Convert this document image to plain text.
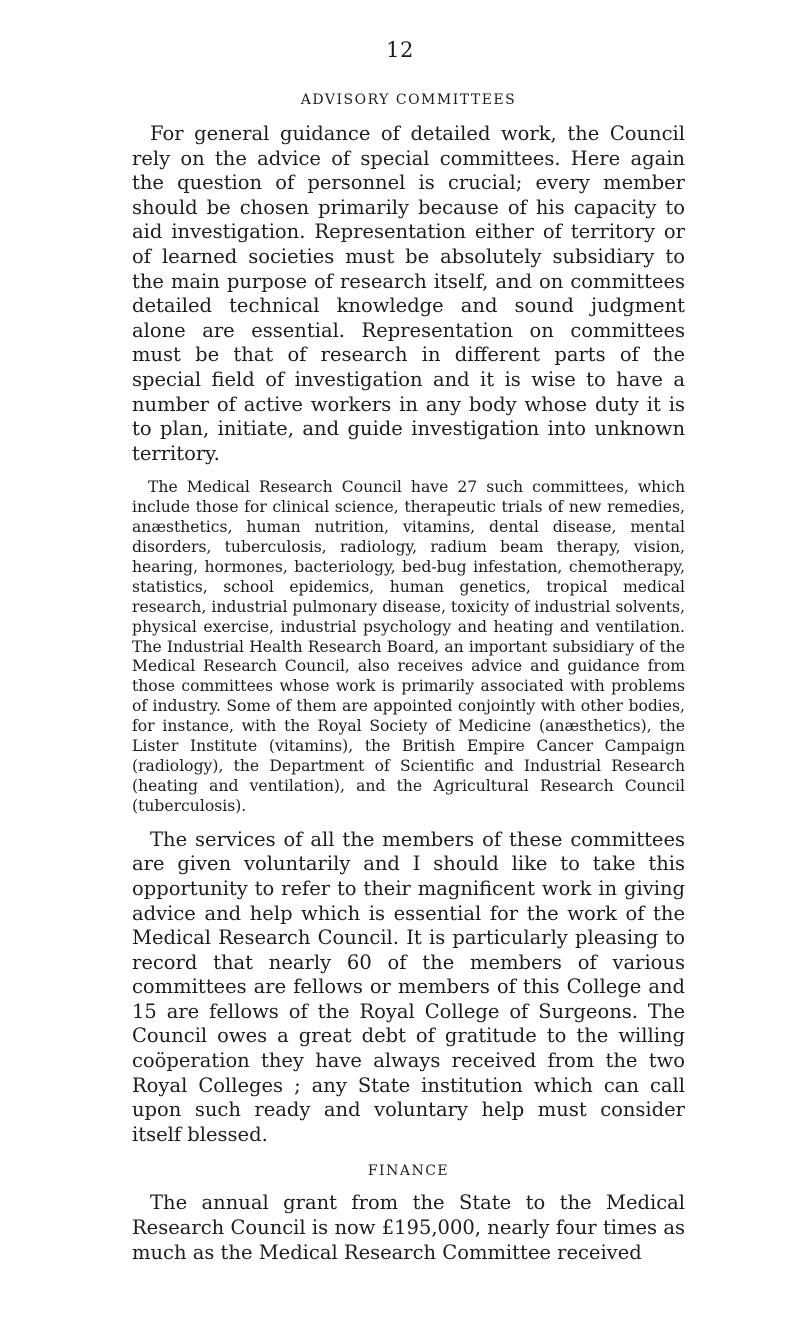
12
ADVISORY COMMITTEES

For general guidance of detailed work, the Council rely on the advice of special committees. Here again the question of personnel is crucial; every member should be chosen primarily because of his capacity to aid investigation. Representation either of territory or of learned societies must be absolutely subsidiary to the main purpose of research itself, and on committees detailed technical knowledge and sound judgment alone are essential. Representation on committees must be that of research in different parts of the special field of investigation and it is wise to have a number of active workers in any body whose duty it is to plan, initiate, and guide investigation into unknown territory.

The Medical Research Council have 27 such committees, which include those for clinical science, therapeutic trials of new remedies, anæsthetics, human nutrition, vitamins, dental disease, mental disorders, tuberculosis, radiology, radium beam therapy, vision, hearing, hormones, bacteriology, bed-bug infestation, chemotherapy, statistics, school epidemics, human genetics, tropical medical research, industrial pulmonary disease, toxicity of industrial solvents, physical exercise, industrial psychology and heating and ventilation. The Industrial Health Research Board, an important subsidiary of the Medical Research Council, also receives advice and guidance from those committees whose work is primarily associated with problems of industry. Some of them are appointed conjointly with other bodies, for instance, with the Royal Society of Medicine (anæsthetics), the Lister Institute (vitamins), the British Empire Cancer Campaign (radiology), the Department of Scientific and Industrial Research (heating and ventilation), and the Agricultural Research Council (tuberculosis).

The services of all the members of these committees are given voluntarily and I should like to take this opportunity to refer to their magnificent work in giving advice and help which is essential for the work of the Medical Research Council. It is particularly pleasing to record that nearly 60 of the members of various committees are fellows or members of this College and 15 are fellows of the Royal College of Surgeons. The Council owes a great debt of gratitude to the willing coöperation they have always received from the two Royal Colleges ; any State institution which can call upon such ready and voluntary help must consider itself blessed.

FINANCE

The annual grant from the State to the Medical Research Council is now £195,000, nearly four times as much as the Medical Research Committee received
